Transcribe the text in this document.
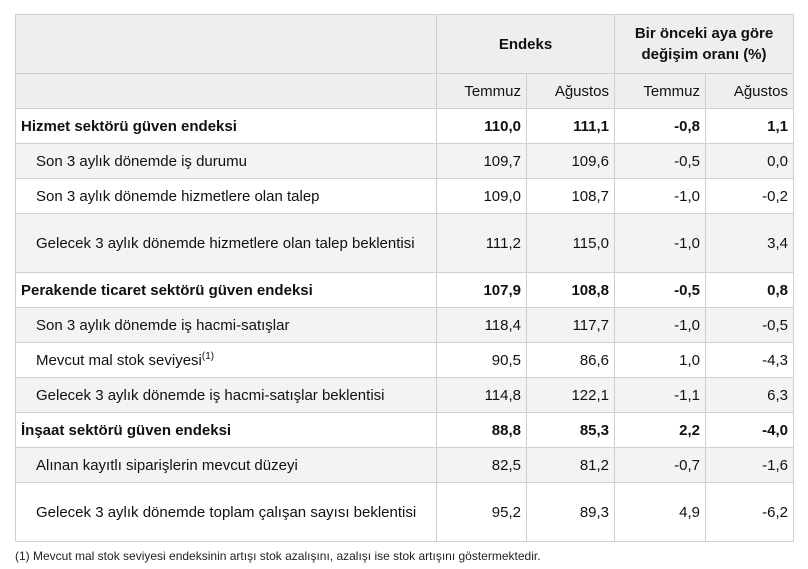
	Endeks		Bir önceki aya göre değişim oranı (%)	
	Temmuz	Ağustos	Temmuz	Ağustos
Hizmet sektörü güven endeksi	110,0	111,1	-0,8	1,1
Son 3 aylık dönemde iş durumu	109,7	109,6	-0,5	0,0
Son 3 aylık dönemde hizmetlere olan talep	109,0	108,7	-1,0	-0,2
Gelecek 3 aylık dönemde hizmetlere olan talep beklentisi	111,2	115,0	-1,0	3,4
Perakende ticaret sektörü güven endeksi	107,9	108,8	-0,5	0,8
Son 3 aylık dönemde iş hacmi-satışlar	118,4	117,7	-1,0	-0,5
Mevcut mal stok seviyesi$^{(1)}$	90,5	86,6	1,0	-4,3
Gelecek 3 aylık dönemde iş hacmi-satışlar beklentisi	114,8	122,1	-1,1	6,3
İnşaat sektörü güven endeksi	88,8	85,3	2,2	-4,0
Alınan kayıtlı siparişlerin mevcut düzeyi	82,5	81,2	-0,7	-1,6
Gelecek 3 aylık dönemde toplam çalışan sayısı beklentisi	95,2	89,3	4,9	-6,2
(1) Mevcut mal stok seviyesi endeksinin artışı stok azalışını, azalışı ise stok artışını göstermektedir.
